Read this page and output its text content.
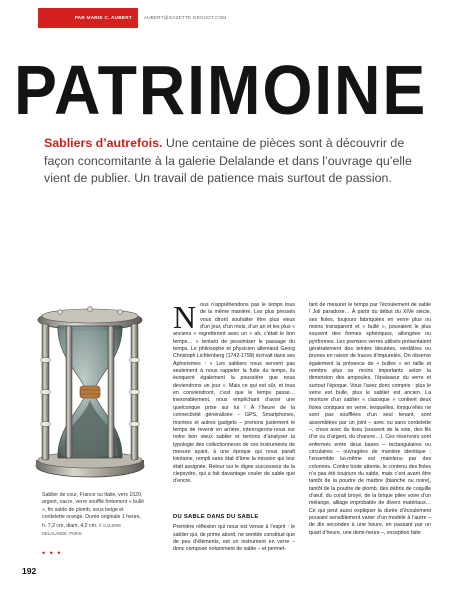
PAR MARIE C. AUBERT	AUBERT@GAZETTE-DROUOT.COM
PATRIMOINE
Sabliers d’autrefois. Une centaine de pièces sont à découvrir de façon concomitante à la galerie Delalande et dans l’ouvrage qu’elle vient de publier. Un travail de patience mais surtout de passion.
Sablier de cour, France ou Italie, vers 1520, argent, nacre, verre soufflé fortement « bullé », fin sable de plomb, sous beige et cordelette orange. Durée originale 1 heure, h. 7,2 cm, diam. 4,2 cm. © GALERIE DELALANDE, PARIS
• • •
Nous n’appréhendons pas le temps tous de la même manière. Les plus pressés vous diront souhaiter être plus vieux d’un jour, d’un mois, d’un an et les plus « anciens » regretteront avec un « ah, c’était le bon temps… » tentant de pessimiser le passage du temps. Le philosophe et physicien allemand Georg Christoph Lichtenberg (1742-1799) écrivait dans ses Aphorismes : « Les sabliers nous servent pas seulement à nous rappeler la fuite du temps, ils évoquent également la poussière que nous deviendrons un jour ». Mais ce qui est sûr, et tous en conviendront, c’est que le temps passe… inexorablement, nous empêchant d’avoir une quelconque prise sur lui ! À l’heure de la connectivité généralisée – GPS, Smartphones, montres et autres gadgets – prenons justement le temps de revenir en arrière, interrogeons-nous sur notre bon vieux sablier et tentons d’analyser la typologie des collectionneurs de ces instruments de mesure ayant, à une époque qui nous paraît lointaine, rempli sans état d’âme la mission qui leur était assignée. Retour sur le digne successeur de la clepsydre, qui a fait davantage couler de sable que d’encre.
DU SABLE DANS DU SABLE
Première réflexion qui nous est venue à l’esprit : le sablier qui, de prime abord, ne semble constitué que de peu d’éléments, est un instrument en verre – donc composé notamment de sable – et permet-
tant de mesurer le temps par l’écoulement de sable ! Joli paradoxe… À partir du début du XIVe siècle, ses fioles, toujours fabriquées en verre plus ou moins transparent et « bullé », pouvaient le plus souvent des formes sphériques, allongées ou pyriformes. Les premiers verres utilisés présentaient généralement des teintes bleutées, verdâtres ou brunes en raison de traces d’impuretés. On observe également la présence de « bulles » en taille et nombre plus ou moins importants selon la dimension des ampoules, l’épaisseur du verre et surtout l’époque. Vous l’avez donc compris : plus le verre est bullé, plus le sablier est ancien. La monture d’un sablier « classique » contient deux fioles coniques en verre, lesquelles, lorsqu’elles ne sont pas soufflées d’un seul tenant, sont assemblées par un joint – avec ou sans cordelette –, creux avec du tissu (souvent de la soie, des fils d’or ou d’argent, du chanvre…). Ces réservoirs sont enfermés entre deux bases – rectangulaires ou circulaires – ouvragées de manière identique ; l’ensemble lui-même est maintenu par des colonnes. Contre toute attente, le contenu des fioles n’a pas été toujours du sable, mais c’est avant être tantôt de la poudre de marbre (blanche ou noire), tantôt de la poudre de plomb, des débris de coquille d’œuf, du corail broyé, de la brique pilée voire d’un mélange, alliage improbable de divers matériaux… Ce qui peut aussi expliquer la durée d’écoulement pouvant sensiblement varier d’un modèle à l’autre – de dix secondes à une heure, en passant par un quart d’heure, une demi-heure –, exception faite
192
